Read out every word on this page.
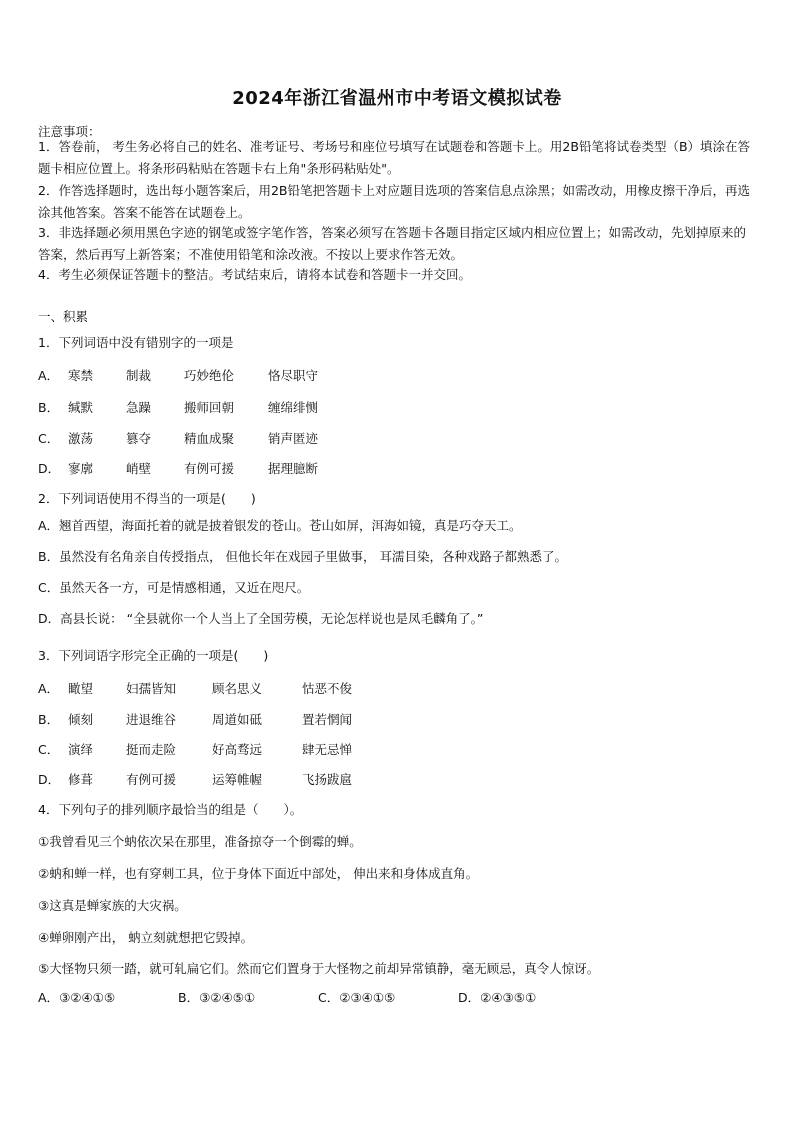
2024年浙江省温州市中考语文模拟试卷
注意事项：
1．答卷前， 考生务必将自己的姓名、准考证号、考场号和座位号填写在试题卷和答题卡上。用2B铅笔将试卷类型（B）填涂在答题卡相应位置上。将条形码粘贴在答题卡右上角"条形码粘贴处"。
2．作答选择题时，选出每小题答案后，用2B铅笔把答题卡上对应题目选项的答案信息点涂黑；如需改动，用橡皮擦干净后，再选涂其他答案。答案不能答在试题卷上。
3．非选择题必须用黑色字迹的钢笔或签字笔作答，答案必须写在答题卡各题目指定区域内相应位置上；如需改动，先划掉原来的答案，然后再写上新答案；不准使用铅笔和涂改液。不按以上要求作答无效。
4．考生必须保证答题卡的整洁。考试结束后，请将本试卷和答题卡一并交回。
一、积累
1．下列词语中没有错别字的一项是
A． 寒禁	制裁	巧妙绝伦	恪尽职守
B． 缄默	急躁	搬师回朝	缠绵绯恻
C． 激荡	篡夺	精血成聚	销声匿迹
D． 寥廓	峭壁	有例可援	据理臆断
2．下列词语使用不得当的一项是(　　)
A．翘首西望，海面托着的就是披着银发的苍山。苍山如屏，洱海如镜，真是巧夺天工。
B．虽然没有名角亲自传授指点， 但他长年在戏园子里做事， 耳濡目染，各种戏路子都熟悉了。
C．虽然天各一方，可是情感相通，又近在咫尺。
D．高县长说： “全县就你一个人当上了全国劳模，无论怎样说也是凤毛麟角了。”
3．下列词语字形完全正确的一项是(　　)
A． 瞰望	妇孺皆知	顾名思义	怙恶不俊
B． 倾刻	进退维谷	周道如砥	置若惘闻
C． 演绎	挺而走险	好高骛远	肆无忌惮
D． 修葺	有例可援	运筹帷幄	飞扬跋扈
4．下列句子的排列顺序最恰当的组是（　　）。
①我曾看见三个蚋依次呆在那里，准备掠夺一个倒霉的蝉。
②蚋和蝉一样，也有穿刺工具，位于身体下面近中部处， 伸出来和身体成直角。
③这真是蝉家族的大灾祸。
④蝉卵刚产出， 蚋立刻就想把它毁掉。
⑤大怪物只须一踏，就可轧扁它们。然而它们置身于大怪物之前却异常镇静，毫无顾忌，真令人惊讶。
A．③②④①⑤	B．③②④⑤①	C．②③④①⑤	D．②④③⑤①
